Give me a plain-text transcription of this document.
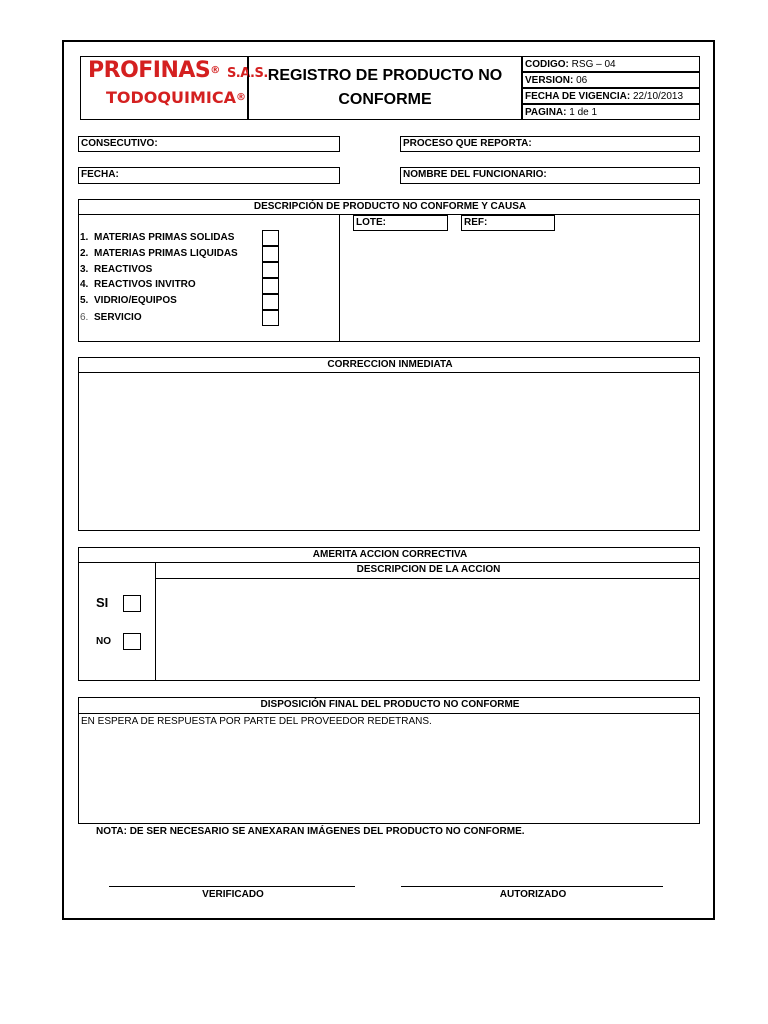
PROFINAS® S.A.S.
TODOQUIMICA®
REGISTRO DE PRODUCTO NO CONFORME
CODIGO: RSG – 04
VERSION: 06
FECHA DE VIGENCIA: 22/10/2013
PAGINA: 1 de 1
CONSECUTIVO:	PROCESO QUE REPORTA:
FECHA:	NOMBRE DEL FUNCIONARIO:
DESCRIPCIÓN DE PRODUCTO NO CONFORME Y CAUSA
LOTE:	REF:
1. MATERIAS PRIMAS SOLIDAS
2. MATERIAS PRIMAS LIQUIDAS
3. REACTIVOS
4. REACTIVOS INVITRO
5. VIDRIO/EQUIPOS
6. SERVICIO
CORRECCION INMEDIATA
AMERITA ACCION CORRECTIVA
DESCRIPCION DE LA ACCION
SI
NO
DISPOSICIÓN FINAL DEL PRODUCTO NO CONFORME
EN ESPERA DE RESPUESTA POR PARTE DEL PROVEEDOR REDETRANS.
NOTA: DE SER NECESARIO SE ANEXARAN IMÁGENES DEL PRODUCTO NO CONFORME.
VERIFICADO	AUTORIZADO
